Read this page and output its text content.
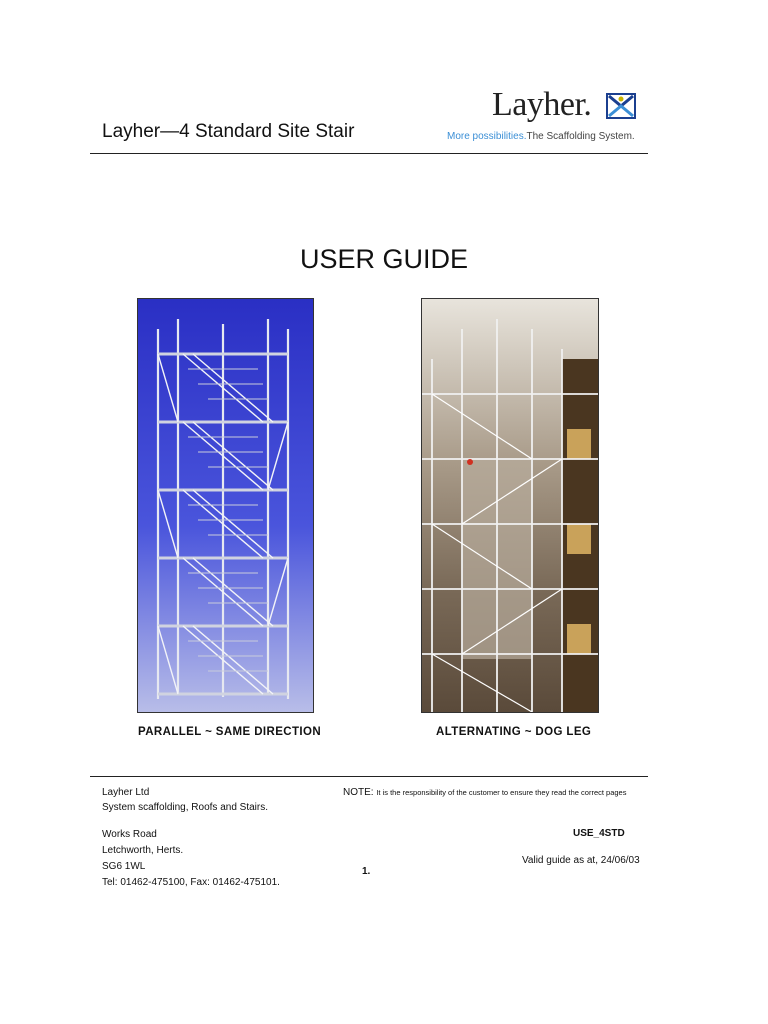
Layher—4 Standard Site Stair
Layher.
More possibilities.The Scaffolding System.
USER GUIDE
PARALLEL ~ SAME DIRECTION	ALTERNATING ~ DOG LEG
Layher Ltd
System scaffolding, Roofs and Stairs.
Works Road
Letchworth, Herts.
SG6 1WL
Tel: 01462-475100, Fax: 01462-475101.
NOTE: It is the responsibility of the customer to ensure they read the correct pages
USE_4STD
Valid guide as at, 24/06/03
1.
